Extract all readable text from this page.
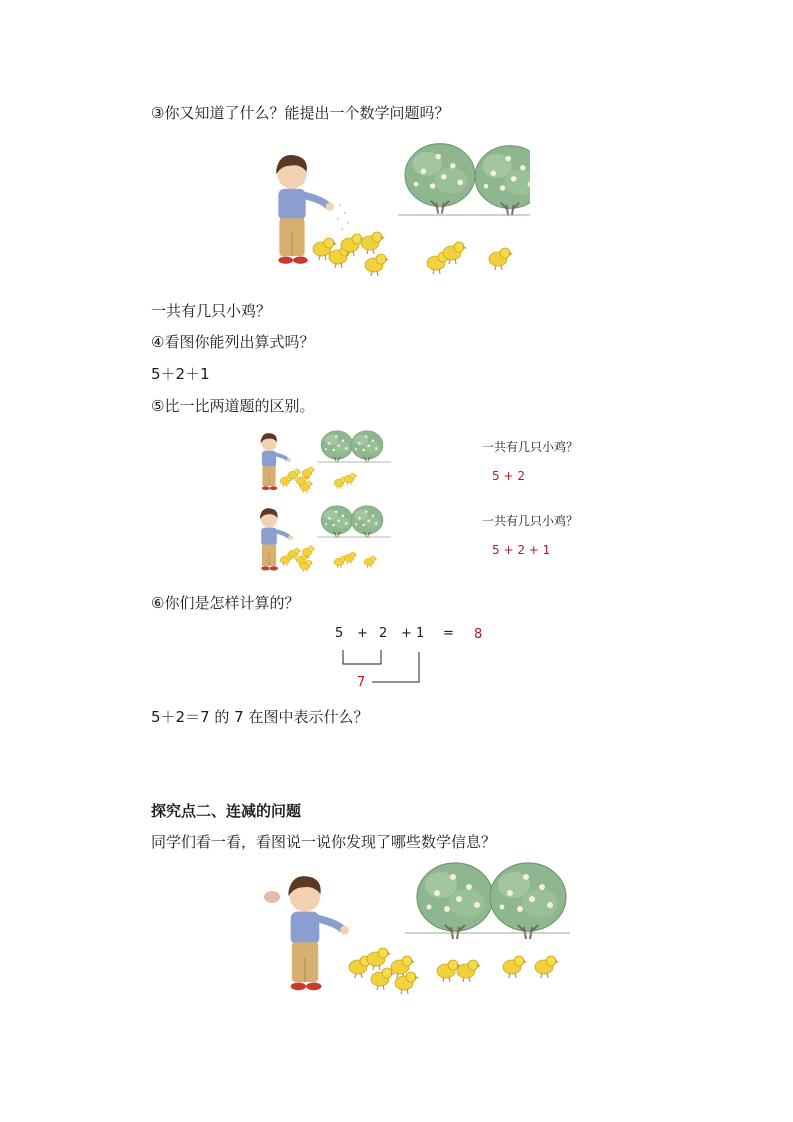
③你又知道了什么？能提出一个数学问题吗？
一共有几只小鸡？
④看图你能列出算式吗？
5＋2＋1
⑤比一比两道题的区别。
一共有几只小鸡？
5 + 2
一共有几只小鸡？
5 + 2 + 1
⑥你们是怎样计算的？
5 + 2 + 1 = 8
7
5＋2＝7 的 7 在图中表示什么？
探究点二、连减的问题
同学们看一看，看图说一说你发现了哪些数学信息？
